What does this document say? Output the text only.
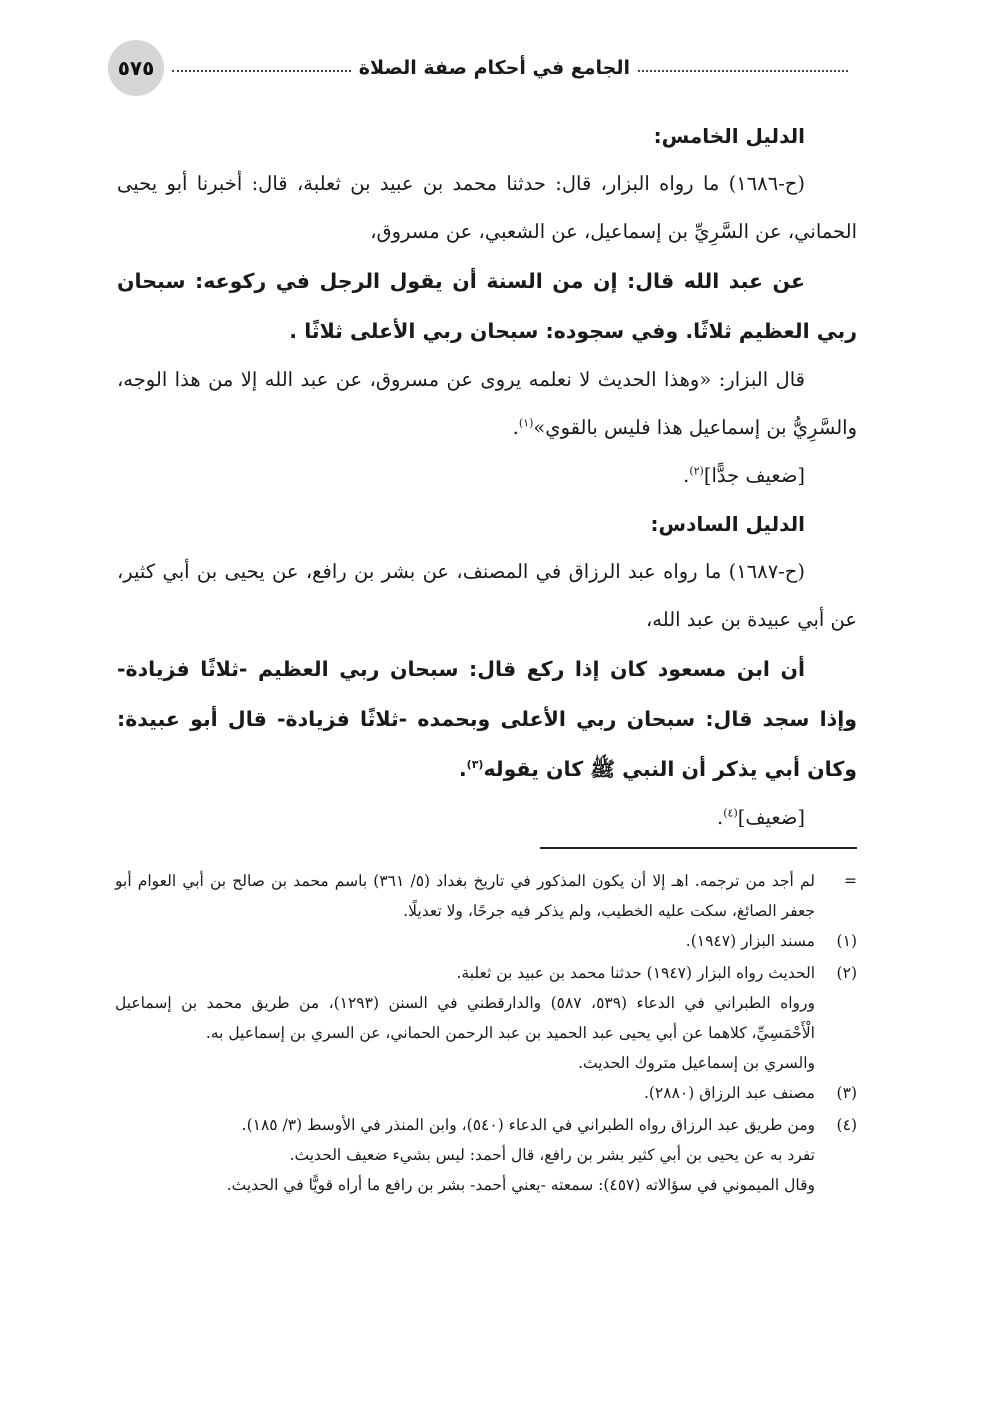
٥٧٥	الجامع في أحكام صفة الصلاة

الدليل الخامس:

(ح-١٦٨٦) ما رواه البزار، قال: حدثنا محمد بن عبيد بن ثعلبة، قال: أخبرنا أبو يحيى الحماني، عن السَّرِيِّ بن إسماعيل، عن الشعبي، عن مسروق،

عن عبد الله قال: إن من السنة أن يقول الرجل في ركوعه: سبحان ربي العظيم ثلاثًا. وفي سجوده: سبحان ربي الأعلى ثلاثًا .

قال البزار: «وهذا الحديث لا نعلمه يروى عن مسروق، عن عبد الله إلا من هذا الوجه، والسَّرِيُّ بن إسماعيل هذا فليس بالقوي»$^{(١)}$.

[ضعيف جدًّا]$^{(٢)}$.

الدليل السادس:

(ح-١٦٨٧) ما رواه عبد الرزاق في المصنف، عن بشر بن رافع، عن يحيى بن أبي كثير، عن أبي عبيدة بن عبد الله،

أن ابن مسعود كان إذا ركع قال: سبحان ربي العظيم -ثلاثًا فزيادة- وإذا سجد قال: سبحان ربي الأعلى وبحمده -ثلاثًا فزيادة- قال أبو عبيدة: وكان أبي يذكر أن النبي ﷺ كان يقوله$^{(٣)}$.

[ضعيف]$^{(٤)}$.

=
لم أجد من ترجمه. اهـ إلا أن يكون المذكور في تاريخ بغداد (٥/ ٣٦١) باسم محمد بن صالح بن أبي العوام أبو جعفر الصائغ، سكت عليه الخطيب، ولم يذكر فيه جرحًا، ولا تعديلًا.
(١)
مسند البزار (١٩٤٧).
(٢)
الحديث رواه البزار (١٩٤٧) حدثنا محمد بن عبيد بن ثعلبة.
ورواه الطبراني في الدعاء (٥٣٩، ٥٨٧) والدارقطني في السنن (١٢٩٣)، من طريق محمد بن إسماعيل الْأَحْمَسِيِّ، كلاهما عن أبي يحيى عبد الحميد بن عبد الرحمن الحماني، عن السري بن إسماعيل به.
والسري بن إسماعيل متروك الحديث.
(٣)
مصنف عبد الرزاق (٢٨٨٠).
(٤)
ومن طريق عبد الرزاق رواه الطبراني في الدعاء (٥٤٠)، وابن المنذر في الأوسط (٣/ ١٨٥).
تفرد به عن يحيى بن أبي كثير بشر بن رافع، قال أحمد: ليس بشيء ضعيف الحديث.
وقال الميموني في سؤالاته (٤٥٧): سمعته -يعني أحمد- بشر بن رافع ما أراه قويًّا في الحديث.
